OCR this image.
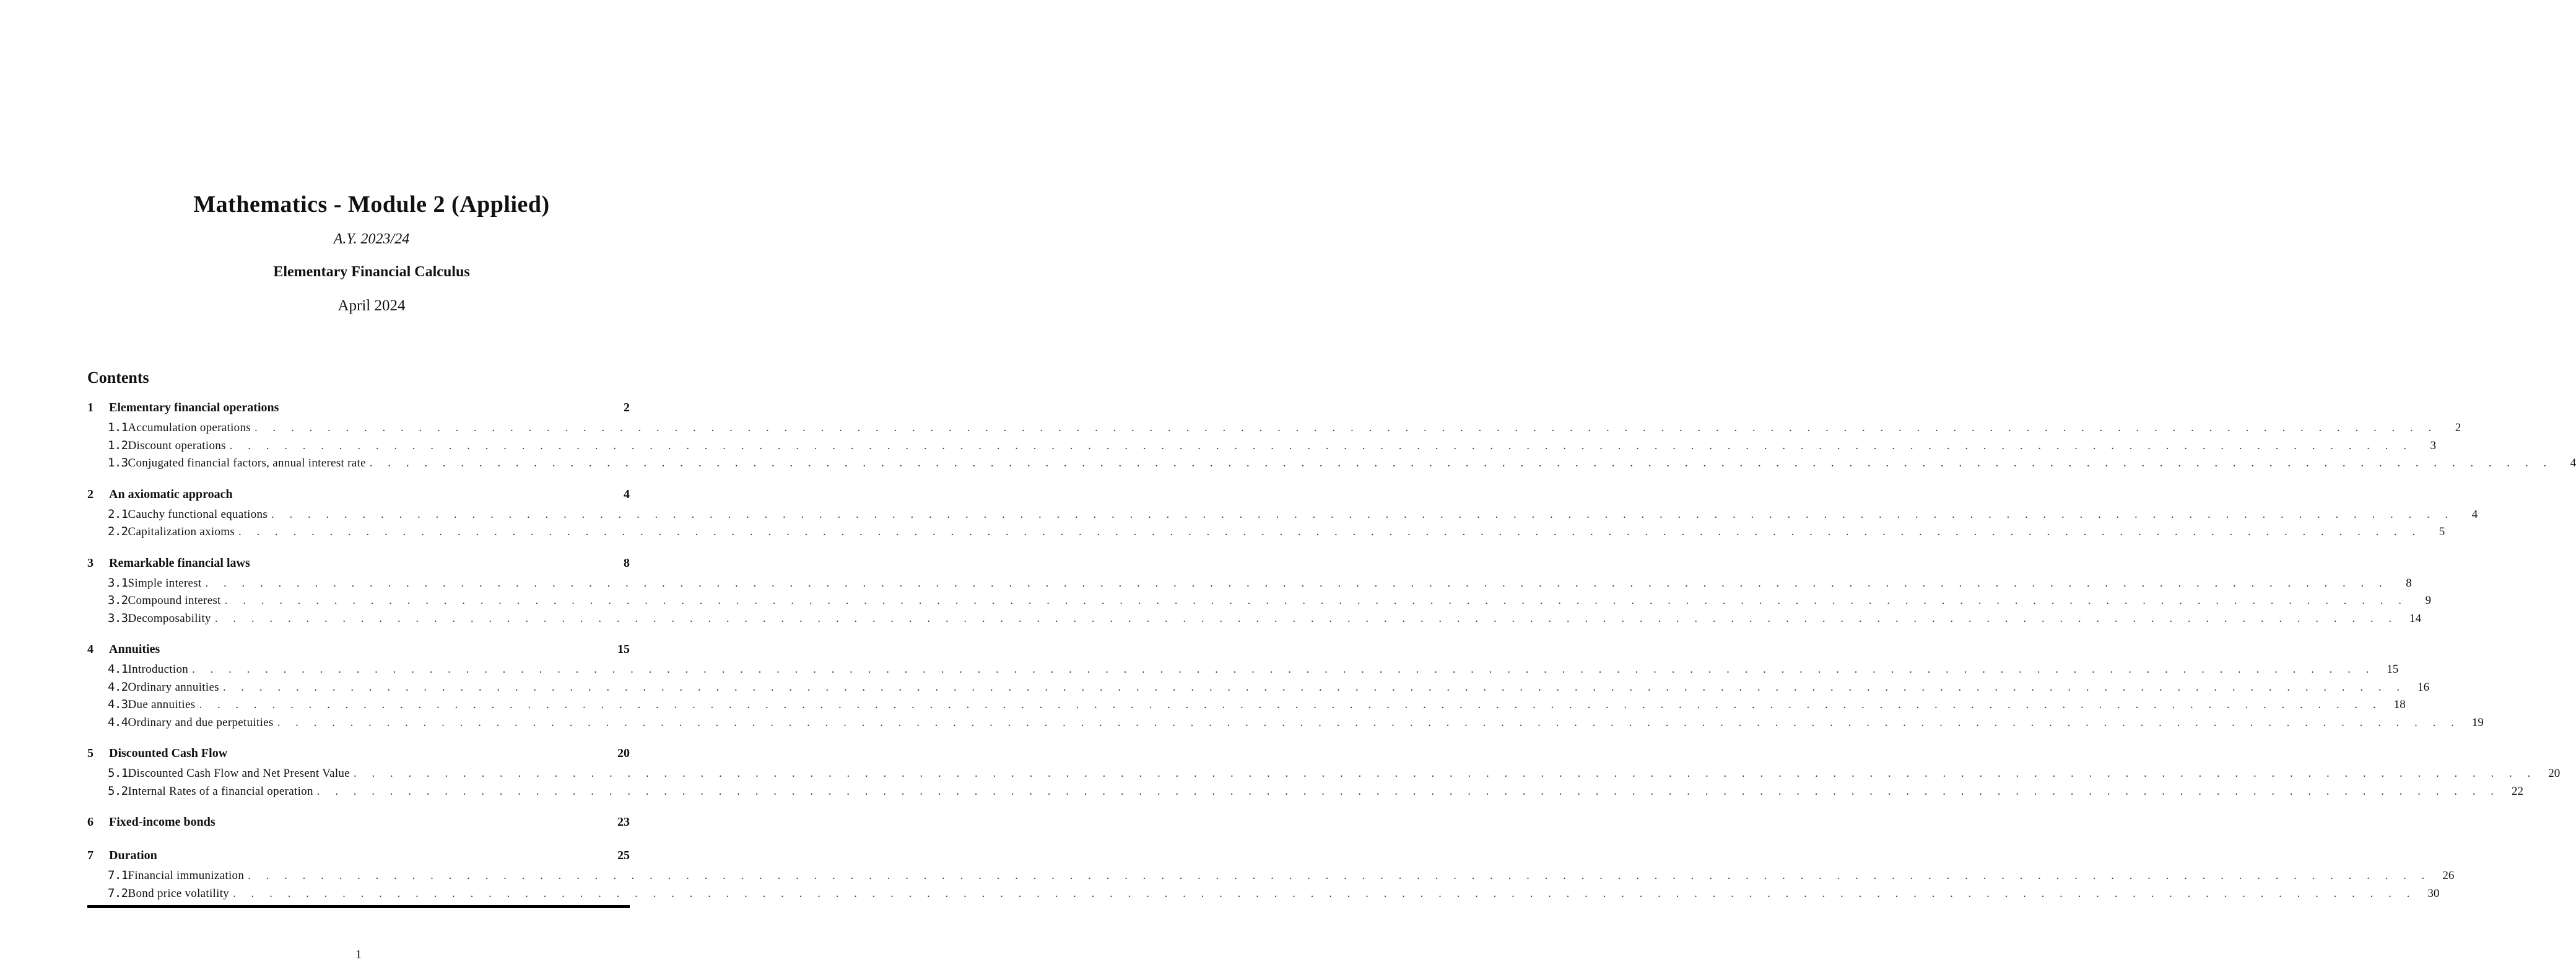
Mathematics - Module 2 (Applied)
A.Y. 2023/24
Elementary Financial Calculus
April 2024
Contents
1	Elementary financial operations	2
1.1 Accumulation operations . . . . . . . . . . . . . . . . . . . . . . . . . . . . . . . . . . . . . . . . . . . . . . . . . . . . . . . . . . . . . . . . . . . . . . . . . . . . . . . . . . . . . . . . . . . . . . . . . . . . . . . . . . . . . . . . . . . . . . . .	2
1.2 Discount operations . . . . . . . . . . . . . . . . . . . . . . . . . . . . . . . . . . . . . . . . . . . . . . . . . . . . . . . . . . . . . . . . . . . . . . . . . . . . . . . . . . . . . . . . . . . . . . . . . . . . . . . . . . . . . . . . . . . . . . . .	3
1.3 Conjugated financial factors, annual interest rate . . . . . . . . . . . . . . . . . . . . . . . . . . . . . . . . . . . . . . . . . . . . . . . . . . . . . . . . . . . . . . . . . . . . . . . . . . . . . . . . . . . . . . . . . . . . . . . . . . . . . . . . . . . . . . . . . . . . . . . .	4
2	An axiomatic approach	4
2.1 Cauchy functional equations . . . . . . . . . . . . . . . . . . . . . . . . . . . . . . . . . . . . . . . . . . . . . . . . . . . . . . . . . . . . . . . . . . . . . . . . . . . . . . . . . . . . . . . . . . . . . . . . . . . . . . . . . . . . . . . . . . . . . . . .	4
2.2 Capitalization axioms . . . . . . . . . . . . . . . . . . . . . . . . . . . . . . . . . . . . . . . . . . . . . . . . . . . . . . . . . . . . . . . . . . . . . . . . . . . . . . . . . . . . . . . . . . . . . . . . . . . . . . . . . . . . . . . . . . . . . . . .	5
3	Remarkable financial laws	8
3.1 Simple interest . . . . . . . . . . . . . . . . . . . . . . . . . . . . . . . . . . . . . . . . . . . . . . . . . . . . . . . . . . . . . . . . . . . . . . . . . . . . . . . . . . . . . . . . . . . . . . . . . . . . . . . . . . . . . . . . . . . . . . . .	8
3.2 Compound interest . . . . . . . . . . . . . . . . . . . . . . . . . . . . . . . . . . . . . . . . . . . . . . . . . . . . . . . . . . . . . . . . . . . . . . . . . . . . . . . . . . . . . . . . . . . . . . . . . . . . . . . . . . . . . . . . . . . . . . . .	9
3.3 Decomposability . . . . . . . . . . . . . . . . . . . . . . . . . . . . . . . . . . . . . . . . . . . . . . . . . . . . . . . . . . . . . . . . . . . . . . . . . . . . . . . . . . . . . . . . . . . . . . . . . . . . . . . . . . . . . . . . . . . . . . . .	14
4	Annuities	15
4.1 Introduction . . . . . . . . . . . . . . . . . . . . . . . . . . . . . . . . . . . . . . . . . . . . . . . . . . . . . . . . . . . . . . . . . . . . . . . . . . . . . . . . . . . . . . . . . . . . . . . . . . . . . . . . . . . . . . . . . . . . . . . .	15
4.2 Ordinary annuities . . . . . . . . . . . . . . . . . . . . . . . . . . . . . . . . . . . . . . . . . . . . . . . . . . . . . . . . . . . . . . . . . . . . . . . . . . . . . . . . . . . . . . . . . . . . . . . . . . . . . . . . . . . . . . . . . . . . . . . .	16
4.3 Due annuities . . . . . . . . . . . . . . . . . . . . . . . . . . . . . . . . . . . . . . . . . . . . . . . . . . . . . . . . . . . . . . . . . . . . . . . . . . . . . . . . . . . . . . . . . . . . . . . . . . . . . . . . . . . . . . . . . . . . . . . .	18
4.4 Ordinary and due perpetuities . . . . . . . . . . . . . . . . . . . . . . . . . . . . . . . . . . . . . . . . . . . . . . . . . . . . . . . . . . . . . . . . . . . . . . . . . . . . . . . . . . . . . . . . . . . . . . . . . . . . . . . . . . . . . . . . . . . . . . . .	19
5	Discounted Cash Flow	20
5.1 Discounted Cash Flow and Net Present Value . . . . . . . . . . . . . . . . . . . . . . . . . . . . . . . . . . . . . . . . . . . . . . . . . . . . . . . . . . . . . . . . . . . . . . . . . . . . . . . . . . . . . . . . . . . . . . . . . . . . . . . . . . . . . . . . . . . . . . . .	20
5.2 Internal Rates of a financial operation . . . . . . . . . . . . . . . . . . . . . . . . . . . . . . . . . . . . . . . . . . . . . . . . . . . . . . . . . . . . . . . . . . . . . . . . . . . . . . . . . . . . . . . . . . . . . . . . . . . . . . . . . . . . . . . . . . . . . . . .	22
6	Fixed-income bonds	23
7	Duration	25
7.1 Financial immunization . . . . . . . . . . . . . . . . . . . . . . . . . . . . . . . . . . . . . . . . . . . . . . . . . . . . . . . . . . . . . . . . . . . . . . . . . . . . . . . . . . . . . . . . . . . . . . . . . . . . . . . . . . . . . . . . . . . . . . . .	26
7.2 Bond price volatility . . . . . . . . . . . . . . . . . . . . . . . . . . . . . . . . . . . . . . . . . . . . . . . . . . . . . . . . . . . . . . . . . . . . . . . . . . . . . . . . . . . . . . . . . . . . . . . . . . . . . . . . . . . . . . . . . . . . . . . .	30
1
